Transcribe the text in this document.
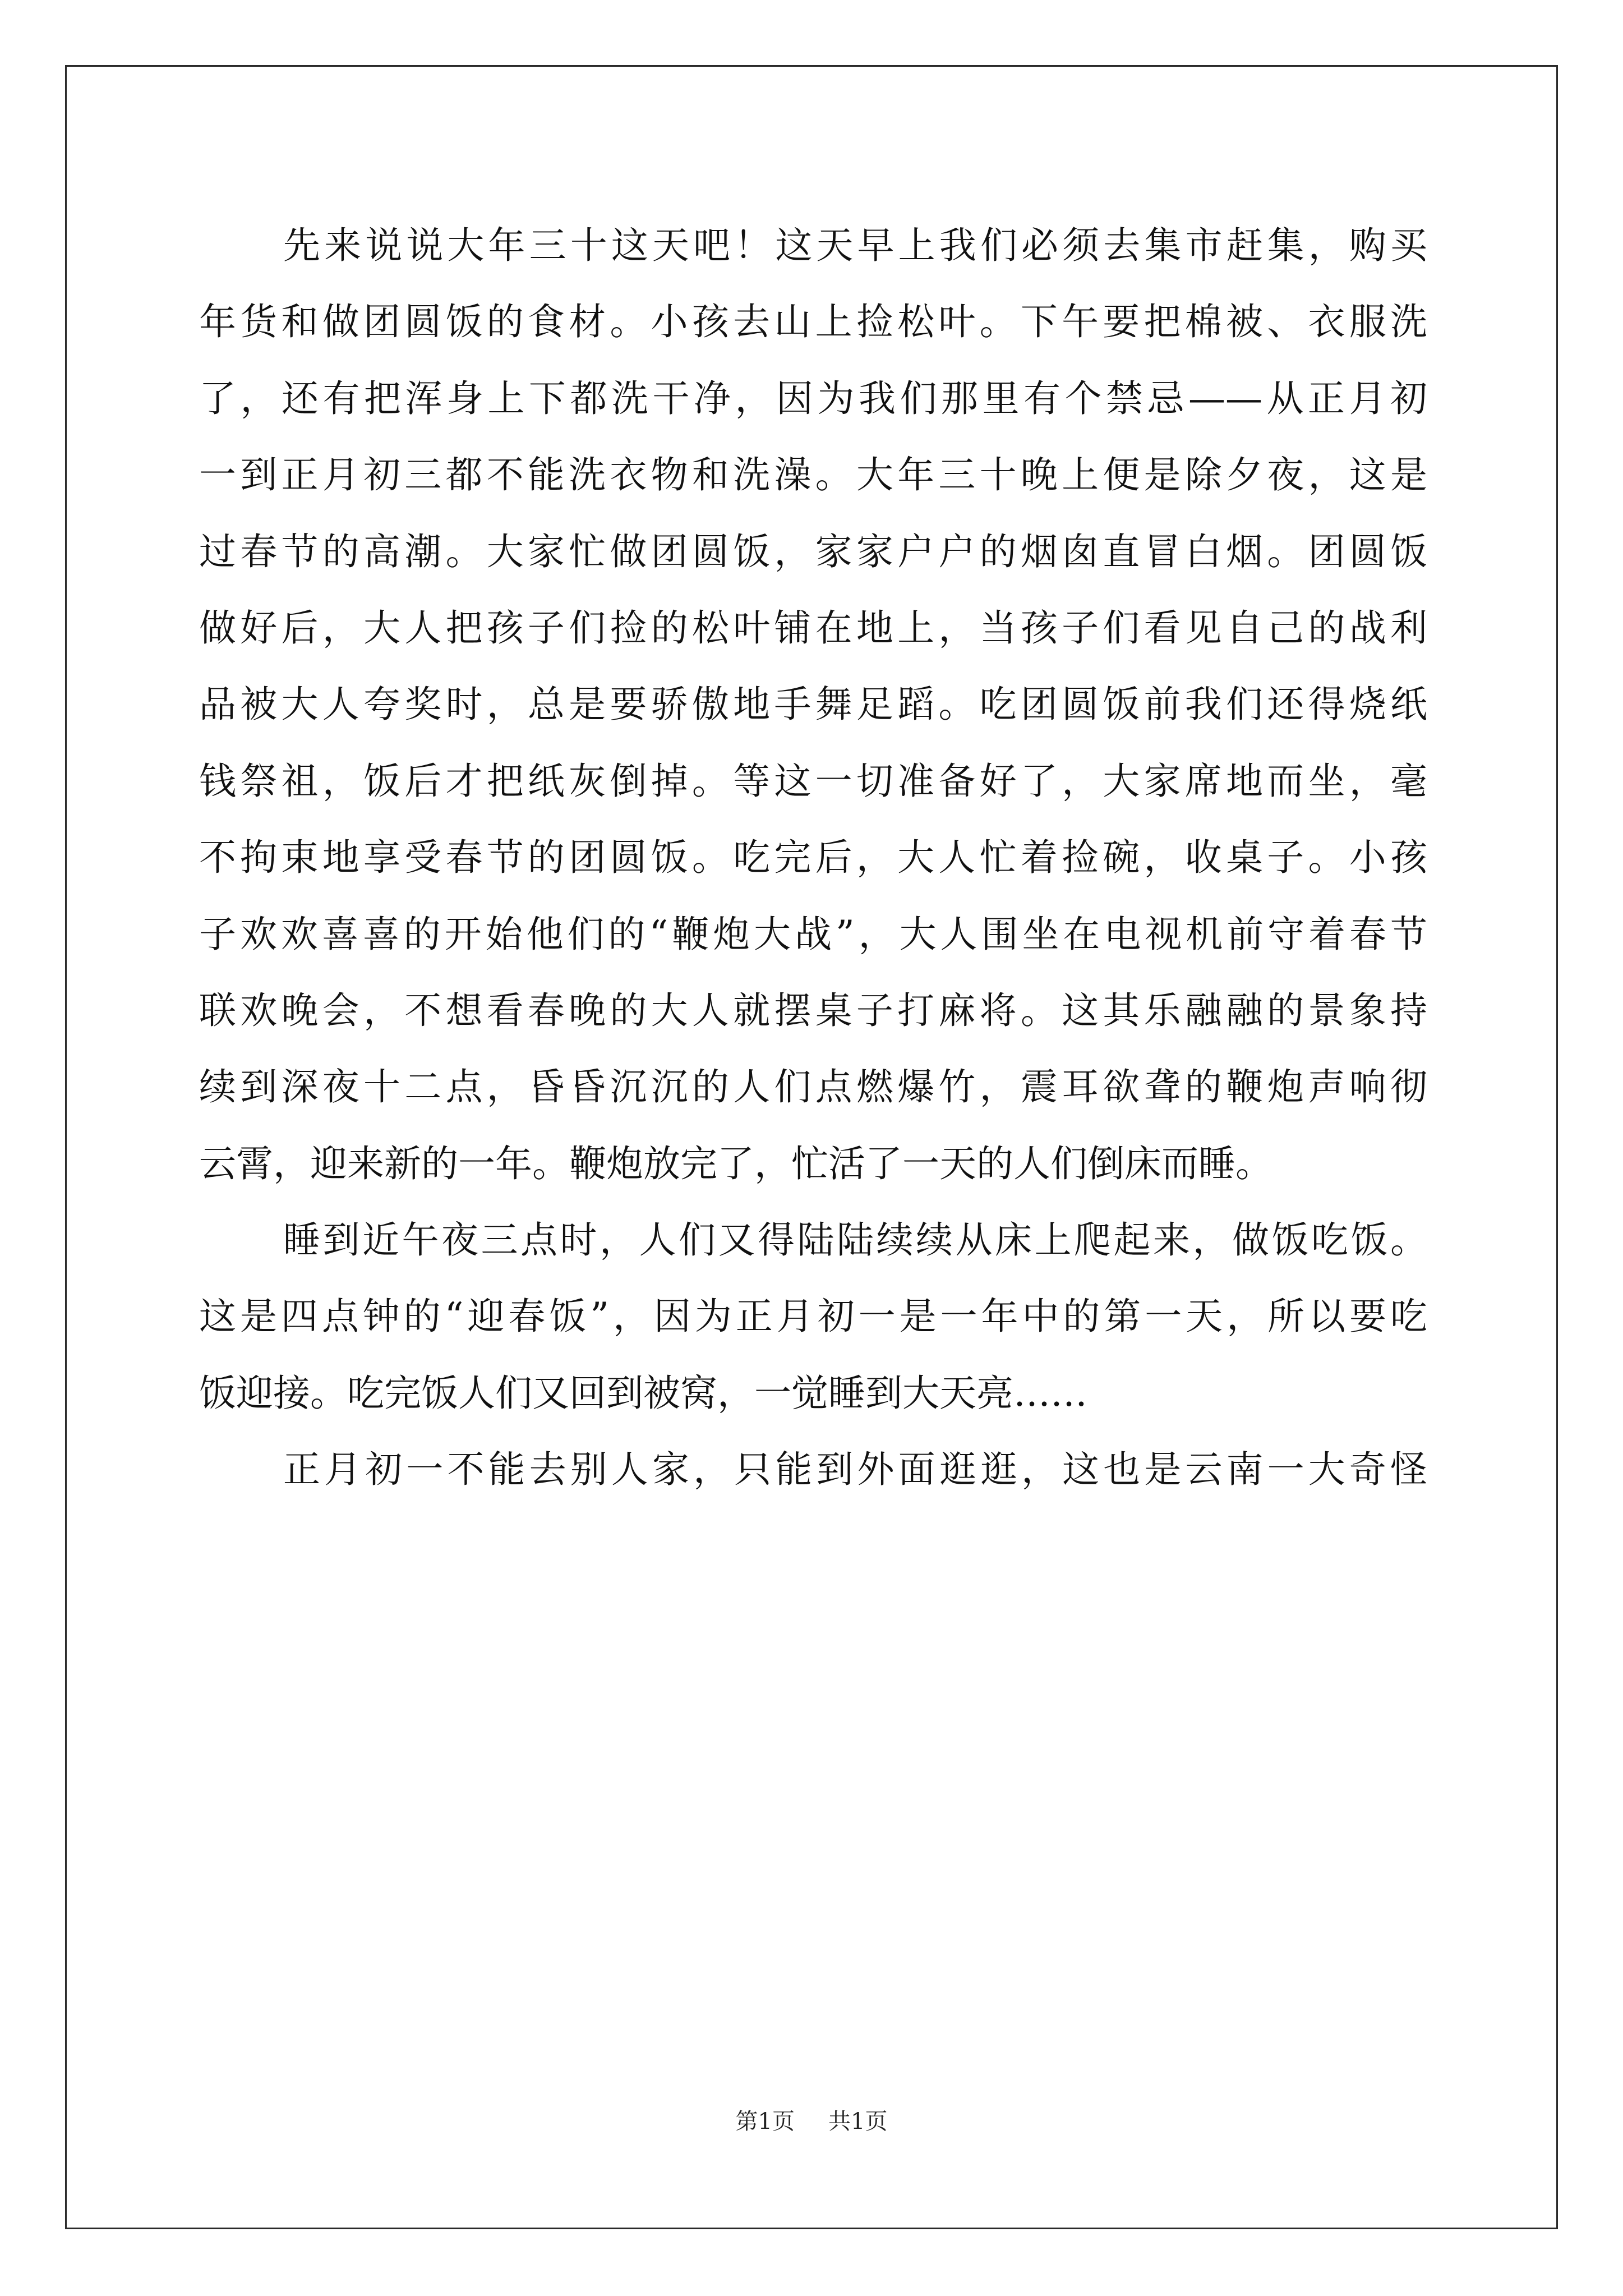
先来说说大年三十这天吧！这天早上我们必须去集市赶集，购买
年货和做团圆饭的食材。小孩去山上捡松叶。下午要把棉被、衣服洗
了，还有把浑身上下都洗干净，因为我们那里有个禁忌——从正月初
一到正月初三都不能洗衣物和洗澡。大年三十晚上便是除夕夜，这是
过春节的高潮。大家忙做团圆饭，家家户户的烟囱直冒白烟。团圆饭
做好后，大人把孩子们捡的松叶铺在地上，当孩子们看见自己的战利
品被大人夸奖时，总是要骄傲地手舞足蹈。吃团圆饭前我们还得烧纸
钱祭祖，饭后才把纸灰倒掉。等这一切准备好了，大家席地而坐，毫
不拘束地享受春节的团圆饭。吃完后，大人忙着捡碗，收桌子。小孩
子欢欢喜喜的开始他们的“鞭炮大战”，大人围坐在电视机前守着春节
联欢晚会，不想看春晚的大人就摆桌子打麻将。这其乐融融的景象持
续到深夜十二点，昏昏沉沉的人们点燃爆竹，震耳欲聋的鞭炮声响彻
云霄，迎来新的一年。鞭炮放完了，忙活了一天的人们倒床而睡。
睡到近午夜三点时，人们又得陆陆续续从床上爬起来，做饭吃饭。
这是四点钟的“迎春饭”，因为正月初一是一年中的第一天，所以要吃
饭迎接。吃完饭人们又回到被窝，一觉睡到大天亮……
正月初一不能去别人家，只能到外面逛逛，这也是云南一大奇怪
第1页 共1页
